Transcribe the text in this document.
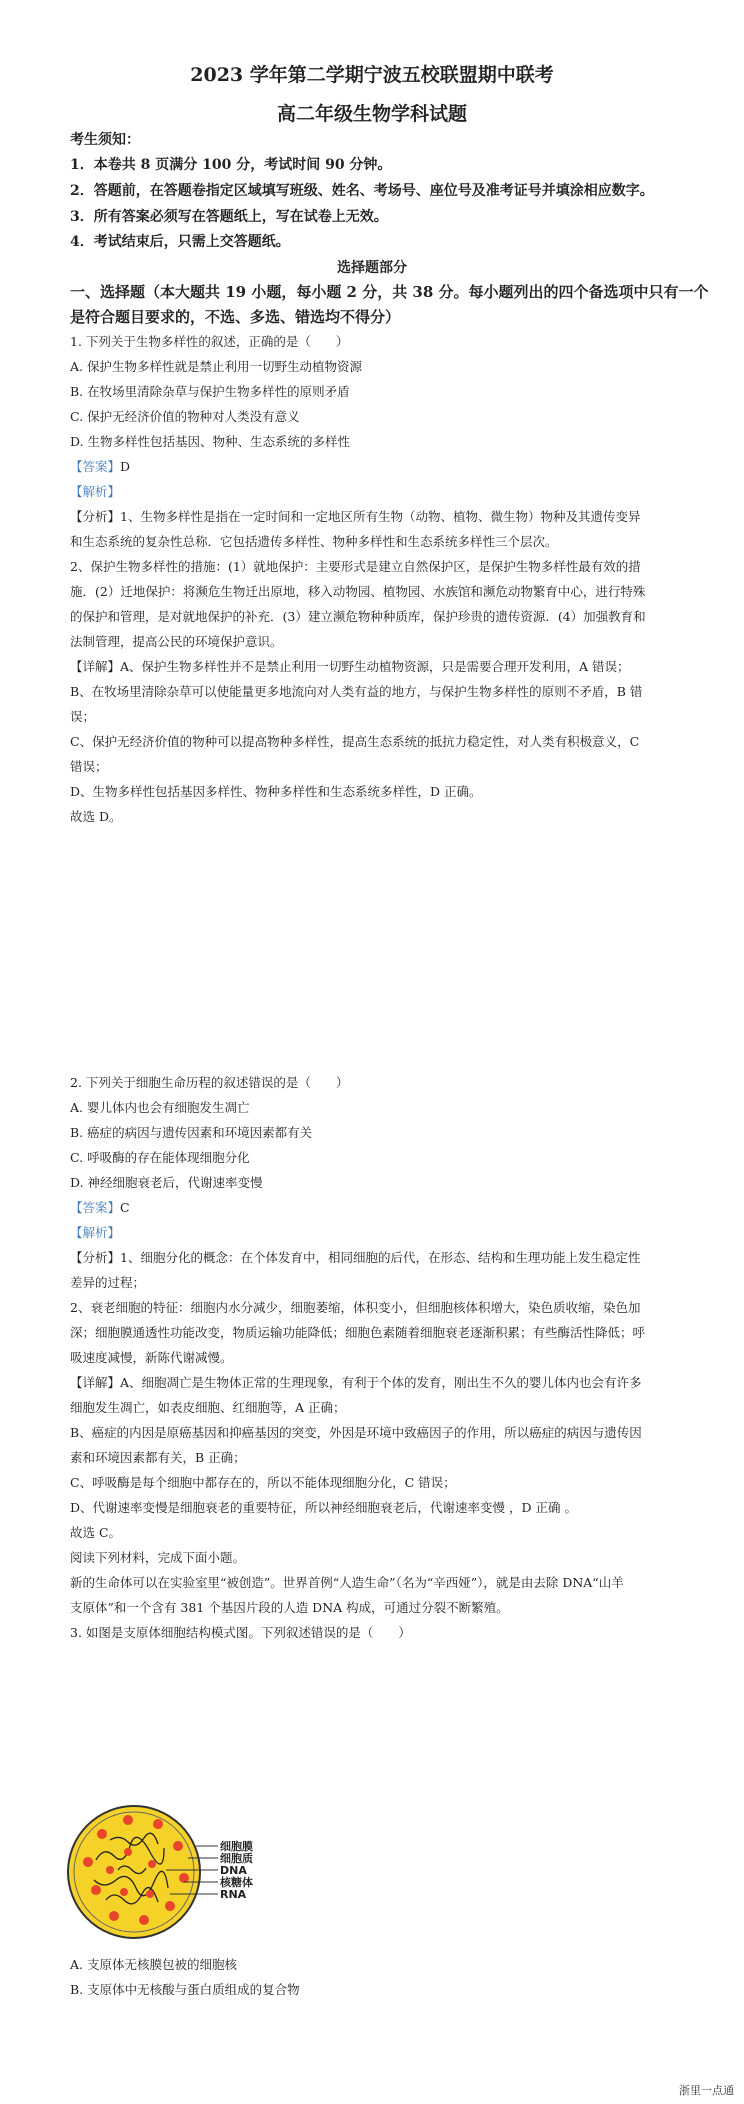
2023 学年第二学期宁波五校联盟期中联考
高二年级生物学科试题
考生须知：
1．本卷共 8 页满分 100 分，考试时间 90 分钟。
2．答题前，在答题卷指定区域填写班级、姓名、考场号、座位号及准考证号并填涂相应数字。
3．所有答案必须写在答题纸上，写在试卷上无效。
4．考试结束后，只需上交答题纸。
选择题部分
一、选择题（本大题共 19 小题，每小题 2 分，共 38 分。每小题列出的四个备选项中只有一个
是符合题目要求的，不选、多选、错选均不得分）
1. 下列关于生物多样性的叙述，正确的是（　　）
A. 保护生物多样性就是禁止利用一切野生动植物资源
B. 在牧场里清除杂草与保护生物多样性的原则矛盾
C. 保护无经济价值的物种对人类没有意义
D. 生物多样性包括基因、物种、生态系统的多样性
【答案】D
【解析】
【分析】1、生物多样性是指在一定时间和一定地区所有生物（动物、植物、微生物）物种及其遗传变异
和生态系统的复杂性总称．它包括遗传多样性、物种多样性和生态系统多样性三个层次。
2、保护生物多样性的措施：(1）就地保护：主要形式是建立自然保护区，是保护生物多样性最有效的措
施．(2）迁地保护：将濒危生物迁出原地，移入动物园、植物园、水族馆和濒危动物繁育中心，进行特殊
的保护和管理，是对就地保护的补充．(3）建立濒危物种种质库，保护珍贵的遗传资源．(4）加强教育和
法制管理，提高公民的环境保护意识。
【详解】A、保护生物多样性并不是禁止利用一切野生动植物资源，只是需要合理开发利用，A 错误；
B、在牧场里清除杂草可以使能量更多地流向对人类有益的地方，与保护生物多样性的原则不矛盾，B 错
误；
C、保护无经济价值的物种可以提高物种多样性，提高生态系统的抵抗力稳定性，对人类有积极意义，C
错误；
D、生物多样性包括基因多样性、物种多样性和生态系统多样性，D 正确。
故选 D。
2. 下列关于细胞生命历程的叙述错误的是（　　）
A. 婴儿体内也会有细胞发生凋亡
B. 癌症的病因与遗传因素和环境因素都有关
C. 呼吸酶的存在能体现细胞分化
D. 神经细胞衰老后，代谢速率变慢
【答案】C
【解析】
【分析】1、细胞分化的概念：在个体发育中，相同细胞的后代，在形态、结构和生理功能上发生稳定性
差异的过程；
2、衰老细胞的特征：细胞内水分减少，细胞萎缩，体积变小，但细胞核体积增大，染色质收缩，染色加
深；细胞膜通透性功能改变，物质运输功能降低；细胞色素随着细胞衰老逐渐积累；有些酶活性降低；呼
吸速度减慢，新陈代谢减慢。
【详解】A、细胞凋亡是生物体正常的生理现象，有利于个体的发育，刚出生不久的婴儿体内也会有许多
细胞发生凋亡，如表皮细胞、红细胞等，A 正确；
B、癌症的内因是原癌基因和抑癌基因的突变，外因是环境中致癌因子的作用，所以癌症的病因与遗传因
素和环境因素都有关，B 正确；
C、呼吸酶是每个细胞中都存在的，所以不能体现细胞分化，C 错误；
D、代谢速率变慢是细胞衰老的重要特征，所以神经细胞衰老后，代谢速率变慢 ，D 正确 。
故选 C。
阅读下列材料，完成下面小题。
新的生命体可以在实验室里“被创造”。世界首例“人造生命”（名为“辛西娅”），就是由去除 DNA“山羊
支原体”和一个含有 381 个基因片段的人造 DNA 构成，可通过分裂不断繁殖。
3. 如图是支原体细胞结构模式图。下列叙述错误的是（　　）
细胞膜
细胞质
DNA
核糖体
RNA
A. 支原体无核膜包被的细胞核
B. 支原体中无核酸与蛋白质组成的复合物
浙里一点通
